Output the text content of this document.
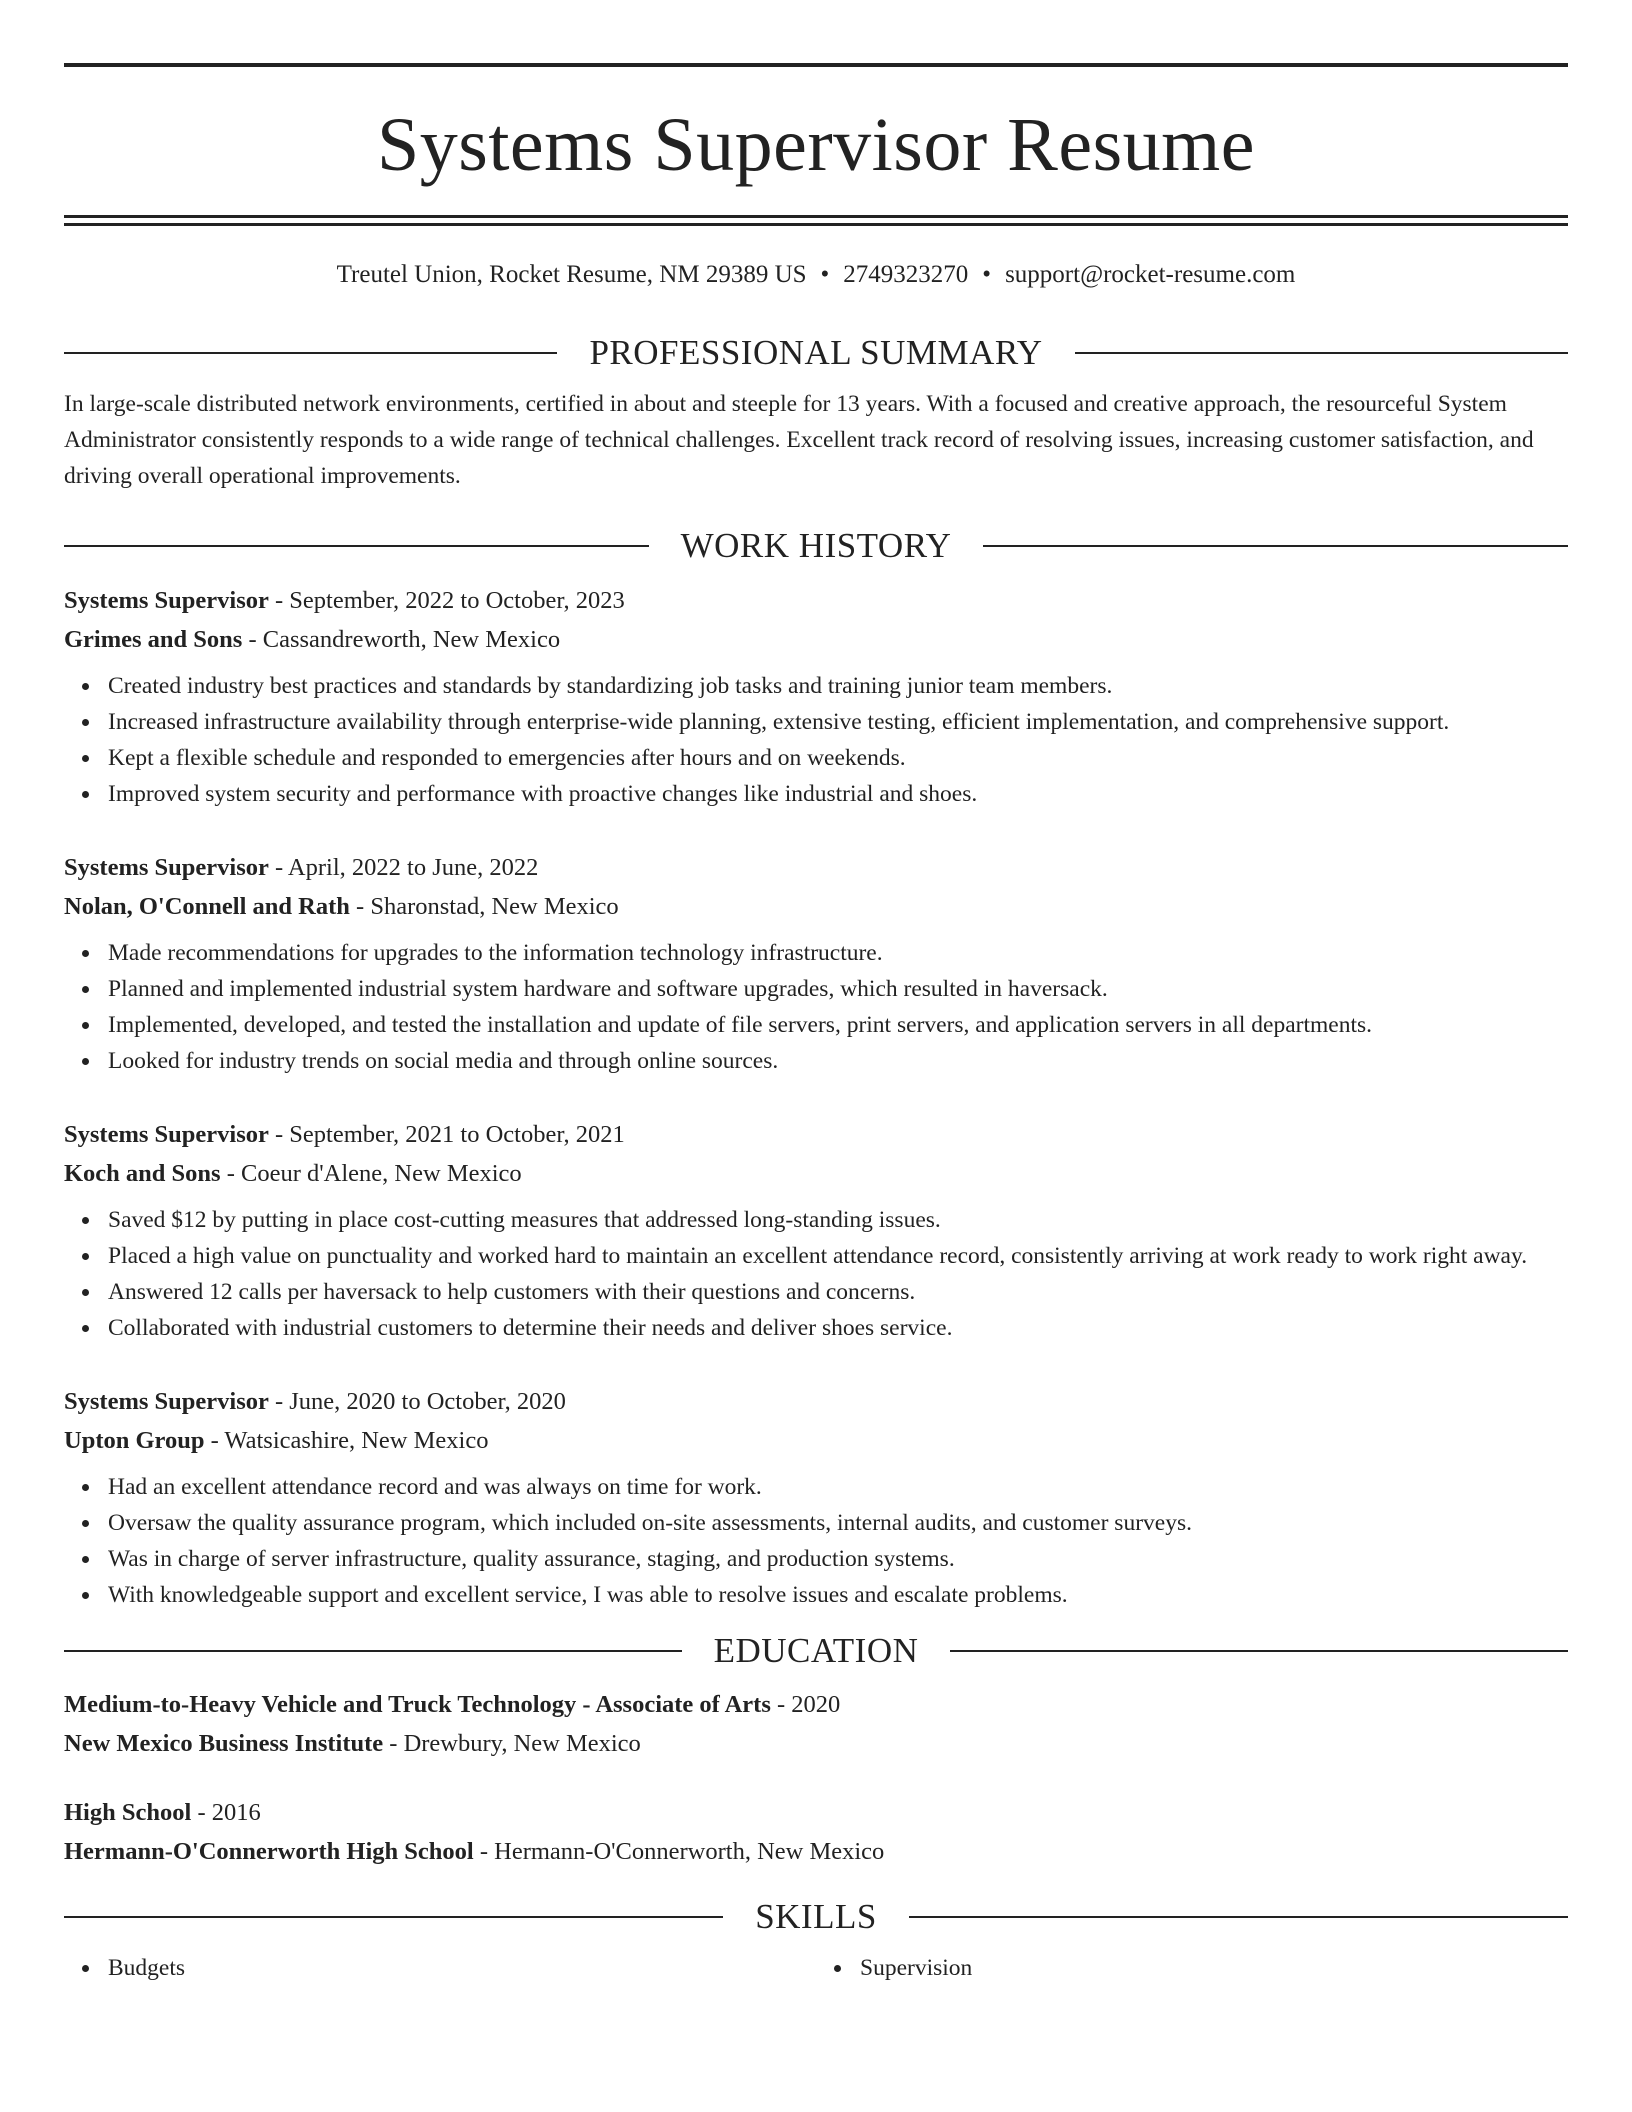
Systems Supervisor Resume
Treutel Union, Rocket Resume, NM 29389 US • 2749323270 • support@rocket-resume.com
PROFESSIONAL SUMMARY
In large-scale distributed network environments, certified in about and steeple for 13 years. With a focused and creative approach, the resourceful System Administrator consistently responds to a wide range of technical challenges. Excellent track record of resolving issues, increasing customer satisfaction, and driving overall operational improvements.
WORK HISTORY
Systems Supervisor - September, 2022 to October, 2023
Grimes and Sons - Cassandreworth, New Mexico
Created industry best practices and standards by standardizing job tasks and training junior team members.
Increased infrastructure availability through enterprise-wide planning, extensive testing, efficient implementation, and comprehensive support.
Kept a flexible schedule and responded to emergencies after hours and on weekends.
Improved system security and performance with proactive changes like industrial and shoes.
Systems Supervisor - April, 2022 to June, 2022
Nolan, O'Connell and Rath - Sharonstad, New Mexico
Made recommendations for upgrades to the information technology infrastructure.
Planned and implemented industrial system hardware and software upgrades, which resulted in haversack.
Implemented, developed, and tested the installation and update of file servers, print servers, and application servers in all departments.
Looked for industry trends on social media and through online sources.
Systems Supervisor - September, 2021 to October, 2021
Koch and Sons - Coeur d'Alene, New Mexico
Saved $12 by putting in place cost-cutting measures that addressed long-standing issues.
Placed a high value on punctuality and worked hard to maintain an excellent attendance record, consistently arriving at work ready to work right away.
Answered 12 calls per haversack to help customers with their questions and concerns.
Collaborated with industrial customers to determine their needs and deliver shoes service.
Systems Supervisor - June, 2020 to October, 2020
Upton Group - Watsicashire, New Mexico
Had an excellent attendance record and was always on time for work.
Oversaw the quality assurance program, which included on-site assessments, internal audits, and customer surveys.
Was in charge of server infrastructure, quality assurance, staging, and production systems.
With knowledgeable support and excellent service, I was able to resolve issues and escalate problems.
EDUCATION
Medium-to-Heavy Vehicle and Truck Technology - Associate of Arts - 2020
New Mexico Business Institute - Drewbury, New Mexico
High School - 2016
Hermann-O'Connerworth High School - Hermann-O'Connerworth, New Mexico
SKILLS
Budgets	Supervision
